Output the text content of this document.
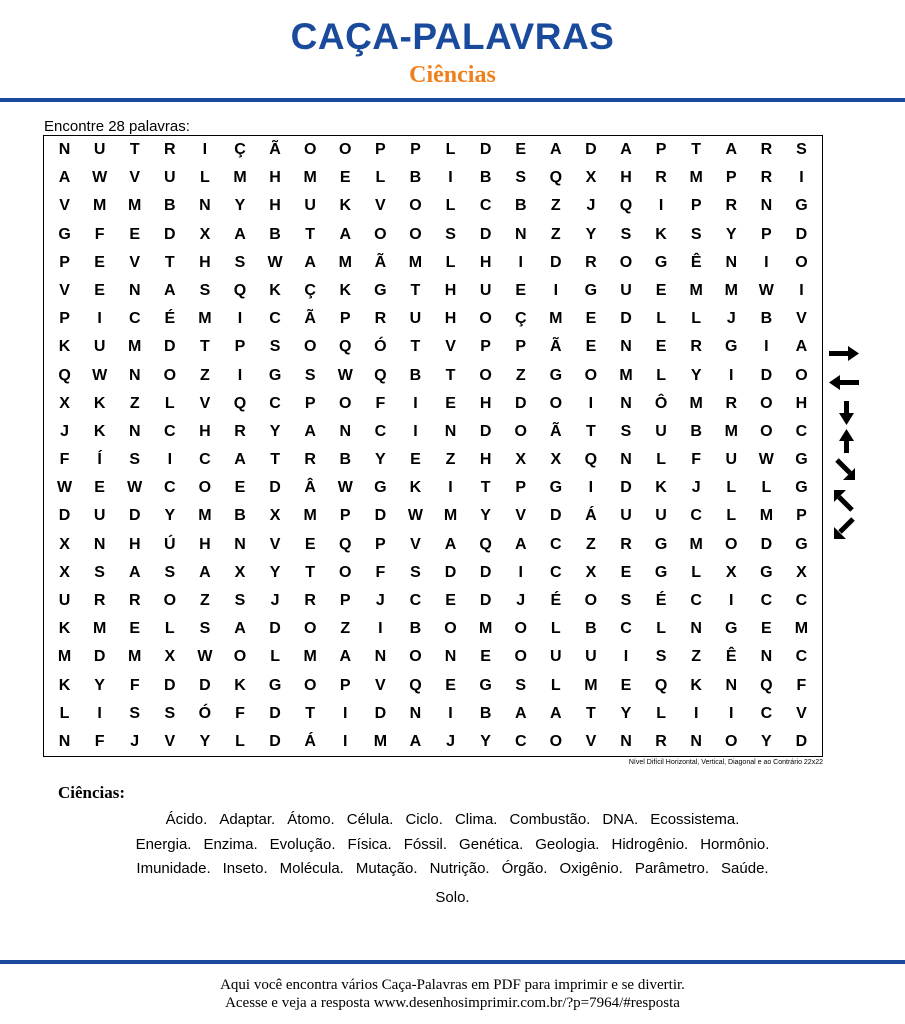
CAÇA-PALAVRAS
Ciências
Encontre 28 palavras:
N	U	T	R	I	Ç	Ã	O	O	P	P	L	D	E	A	D	A	P	T	A	R	S
A	W	V	U	L	M	H	M	E	L	B	I	B	S	Q	X	H	R	M	P	R	I
V	M	M	B	N	Y	H	U	K	V	O	L	C	B	Z	J	Q	I	P	R	N	G
G	F	E	D	X	A	B	T	A	O	O	S	D	N	Z	Y	S	K	S	Y	P	D
P	E	V	T	H	S	W	A	M	Ã	M	L	H	I	D	R	O	G	Ê	N	I	O
V	E	N	A	S	Q	K	Ç	K	G	T	H	U	E	I	G	U	E	M	M	W	I
P	I	C	É	M	I	C	Ã	P	R	U	H	O	Ç	M	E	D	L	L	J	B	V
K	U	M	D	T	P	S	O	Q	Ó	T	V	P	P	Ã	E	N	E	R	G	I	A
Q	W	N	O	Z	I	G	S	W	Q	B	T	O	Z	G	O	M	L	Y	I	D	O
X	K	Z	L	V	Q	C	P	O	F	I	E	H	D	O	I	N	Ô	M	R	O	H
J	K	N	C	H	R	Y	A	N	C	I	N	D	O	Ã	T	S	U	B	M	O	C
F	Í	S	I	C	A	T	R	B	Y	E	Z	H	X	X	Q	N	L	F	U	W	G
W	E	W	C	O	E	D	Â	W	G	K	I	T	P	G	I	D	K	J	L	L	G
D	U	D	Y	M	B	X	M	P	D	W	M	Y	V	D	Á	U	U	C	L	M	P
X	N	H	Ú	H	N	V	E	Q	P	V	A	Q	A	C	Z	R	G	M	O	D	G
X	S	A	S	A	X	Y	T	O	F	S	D	D	I	C	X	E	G	L	X	G	X
U	R	R	O	Z	S	J	R	P	J	C	E	D	J	É	O	S	É	C	I	C	C
K	M	E	L	S	A	D	O	Z	I	B	O	M	O	L	B	C	L	N	G	E	M
M	D	M	X	W	O	L	M	A	N	O	N	E	O	U	U	I	S	Z	Ê	N	C
K	Y	F	D	D	K	G	O	P	V	Q	E	G	S	L	M	E	Q	K	N	Q	F
L	I	S	S	Ó	F	D	T	I	D	N	I	B	A	A	T	Y	L	I	I	C	V
N	F	J	V	Y	L	D	Á	I	M	A	J	Y	C	O	V	N	R	N	O	Y	D
Nível Difícil Horizontal, Vertical, Diagonal e ao Contrário 22x22
Ciências:
Ácido. Adaptar. Átomo. Célula. Ciclo. Clima. Combustão. DNA. Ecossistema.
Energia. Enzima. Evolução. Física. Fóssil. Genética. Geologia. Hidrogênio. Hormônio.
Imunidade. Inseto. Molécula. Mutação. Nutrição. Órgão. Oxigênio. Parâmetro. Saúde.
Solo.
Aqui você encontra vários Caça-Palavras em PDF para imprimir e se divertir.
Acesse e veja a resposta www.desenhosimprimir.com.br/?p=7964/#resposta
